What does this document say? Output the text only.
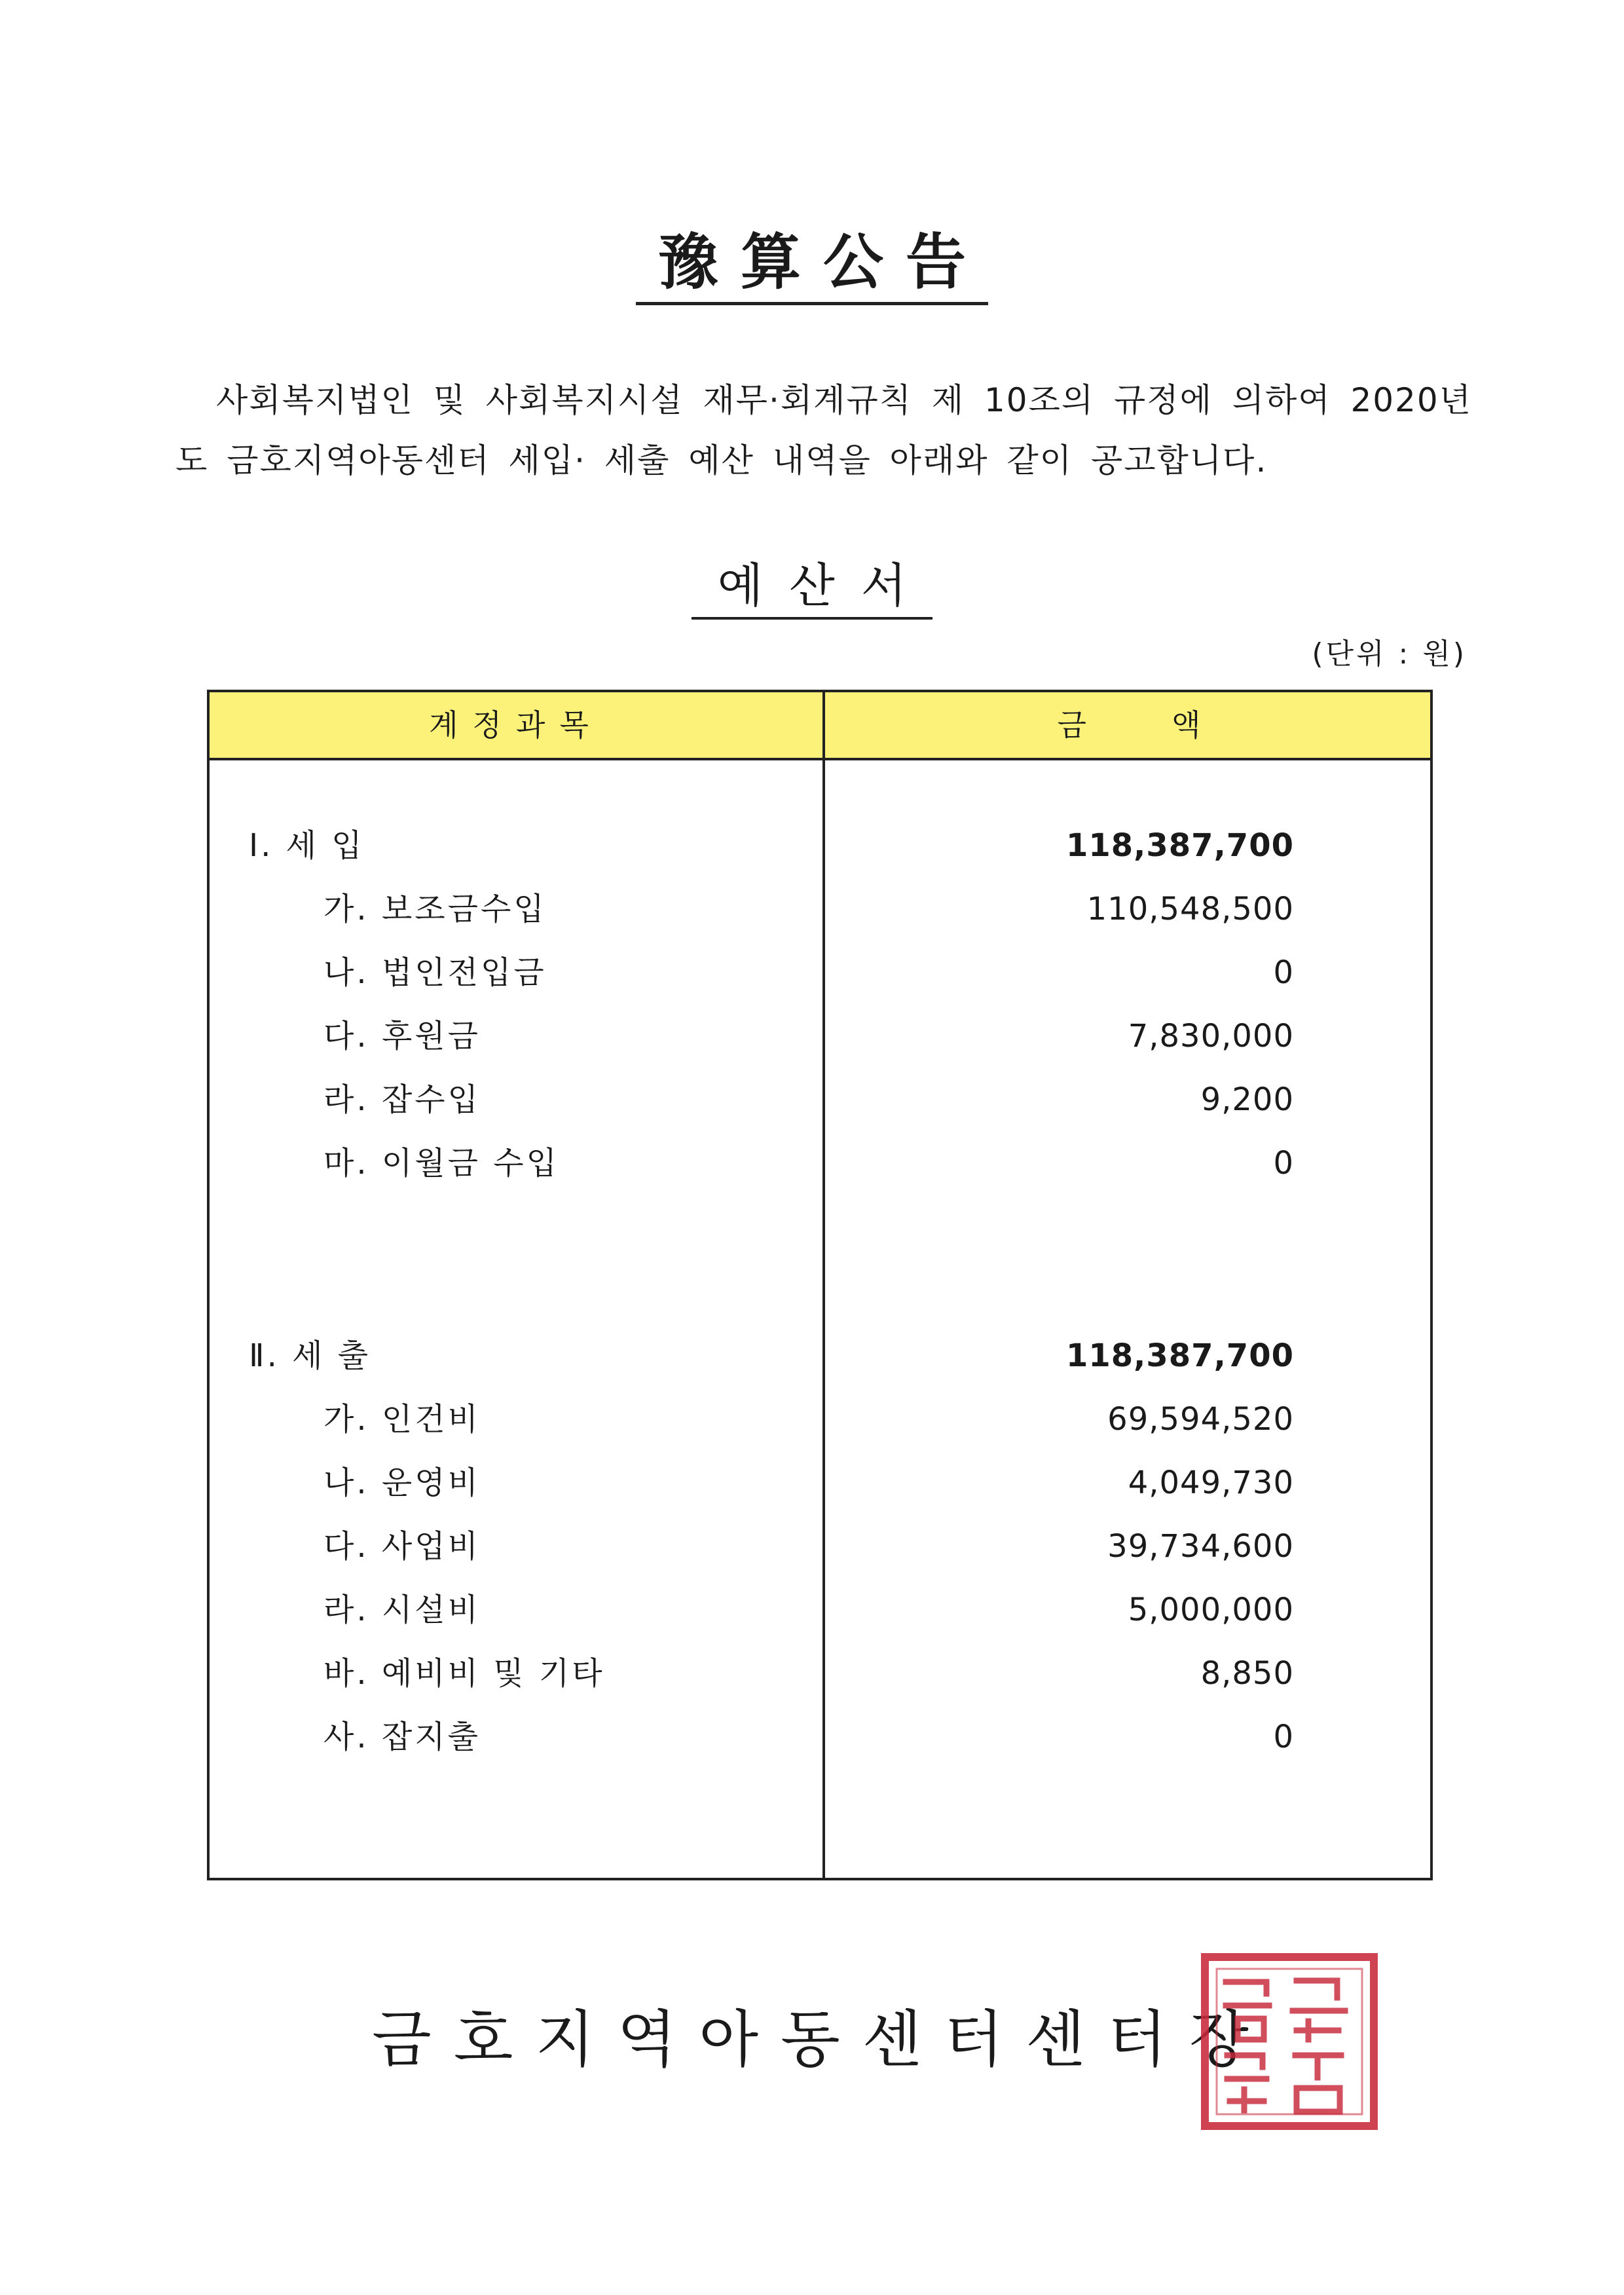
豫算公告
사회복지법인 및 사회복지시설 재무·회계규칙 제 10조의 규정에 의하여 2020년도 금호지역아동센터 세입· 세출 예산 내역을 아래와 같이 공고합니다.
예산서
(단위 : 원)
계정과목	금액
Ⅰ. 세 입	118,387,700
가. 보조금수입	110,548,500
나. 법인전입금	0
다. 후원금	7,830,000
라. 잡수입	9,200
마. 이월금 수입	0
Ⅱ. 세 출	118,387,700
가. 인건비	69,594,520
나. 운영비	4,049,730
다. 사업비	39,734,600
라. 시설비	5,000,000
바. 예비비 및 기타	8,850
사. 잡지출	0
금호지역아동센터센터장
